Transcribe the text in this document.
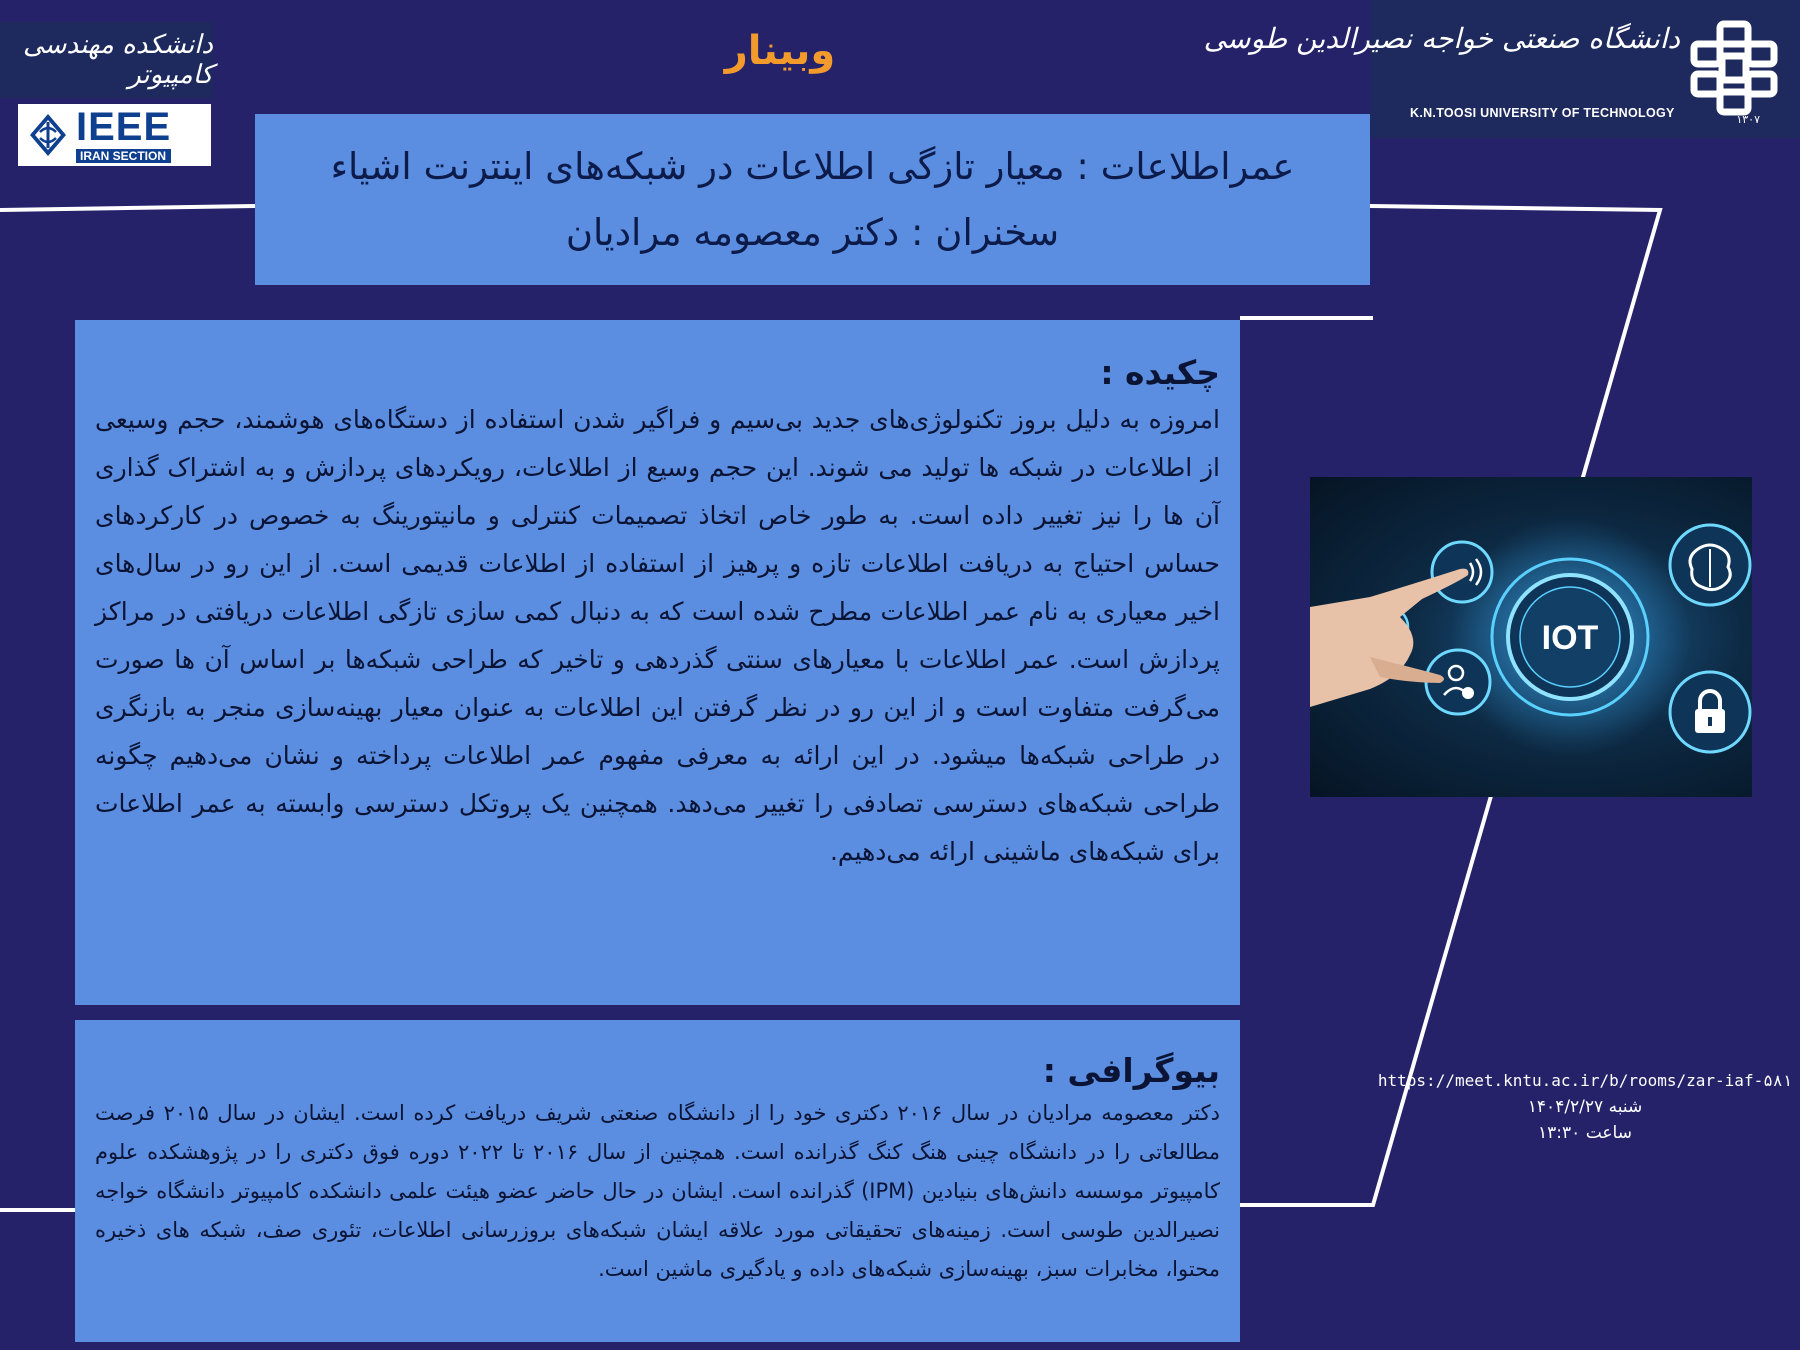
دانشکده مهندسی کامپیوتر
IEEE
IRAN SECTION
وبینار	دانشگاه صنعتی خواجه نصیرالدین طوسی
K.N.TOOSI UNIVERSITY OF TECHNOLOGY	۱۳۰۷
عمراطلاعات : معیار تازگی اطلاعات در شبکه‌های اینترنت اشیاء
سخنران : دکتر معصومه مرادیان
چکیده :

امروزه به دلیل بروز تکنولوژی‌های جدید بی‌سیم و فراگیر شدن استفاده از دستگاه‌های هوشمند، حجم وسیعی از اطلاعات در شبکه ها تولید می شوند. این حجم وسیع از اطلاعات، رویکردهای پردازش و به اشتراک گذاری آن ها را نیز تغییر داده است. به طور خاص اتخاذ تصمیمات کنترلی و مانیتورینگ به خصوص در کارکردهای حساس احتیاج به دریافت اطلاعات تازه و پرهیز از استفاده از اطلاعات قدیمی است. از این رو در سال‌های اخیر معیاری به نام عمر اطلاعات مطرح شده است که به دنبال کمی سازی تازگی اطلاعات دریافتی در مراکز پردازش است. عمر اطلاعات با معیارهای سنتی گذردهی و تاخیر که طراحی شبکه‌ها بر اساس آن ها صورت می‌گرفت متفاوت است و از این رو در نظر گرفتن این اطلاعات به عنوان معیار بهینه‌سازی منجر به بازنگری در طراحی شبکه‌ها میشود. در این ارائه به معرفی مفهوم عمر اطلاعات پرداخته و نشان می‌دهیم چگونه طراحی شبکه‌های دسترسی تصادفی را تغییر می‌دهد. همچنین یک پروتکل دسترسی وابسته به عمر اطلاعات برای شبکه‌های ماشینی ارائه می‌دهیم.

بیوگرافی :

دکتر معصومه مرادیان در سال ۲۰۱۶ دکتری خود را از دانشگاه صنعتی شریف دریافت کرده است. ایشان در سال ۲۰۱۵ فرصت مطالعاتی را در دانشگاه چینی هنگ کنگ گذرانده است. همچنین از سال ۲۰۱۶ تا ۲۰۲۲ دوره فوق دکتری را در پژوهشکده علوم کامپیوتر موسسه دانش‌های بنیادین (IPM) گذرانده است. ایشان در حال حاضر عضو هیئت علمی دانشکده کامپیوتر دانشگاه خواجه نصیرالدین طوسی است. زمینه‌های تحقیقاتی مورد علاقه ایشان شبکه‌های بروزرسانی اطلاعات، تئوری صف، شبکه های ذخیره محتوا، مخابرات سبز، بهینه‌سازی شبکه‌های داده و یادگیری ماشین است.

IOT
https://meet.kntu.ac.ir/b/rooms/zar-iaf-۵۸۱
شنبه ۱۴۰۴/۲/۲۷
ساعت ۱۳:۳۰
